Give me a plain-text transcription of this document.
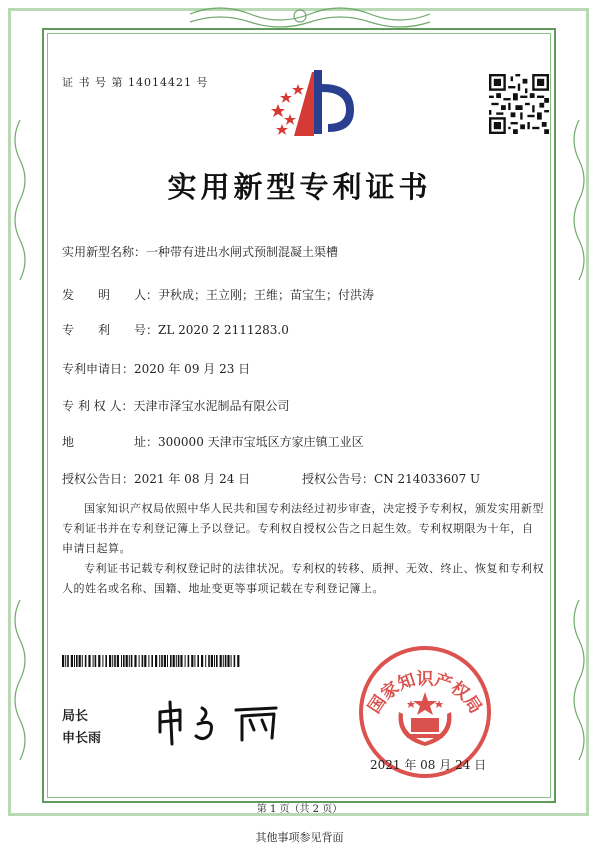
证 书 号 第 14014421 号
实用新型专利证书
实用新型名称：一种带有进出水闸式预制混凝土渠槽
发　　明　　人：尹秋成；王立刚；王维；苗宝生；付洪涛
专　　利　　号：ZL 2020 2 2111283.0
专利申请日：2020 年 09 月 23 日
专 利 权 人：天津市泽宝水泥制品有限公司
地　　　　　址：300000 天津市宝坻区方家庄镇工业区
授权公告日：2021 年 08 月 24 日	授权公告号：CN 214033607 U
国家知识产权局依照中华人民共和国专利法经过初步审查，决定授予专利权，颁发实用新型专利证书并在专利登记簿上予以登记。专利权自授权公告之日起生效。专利权期限为十年，自申请日起算。
专利证书记载专利权登记时的法律状况。专利权的转移、质押、无效、终止、恢复和专利权人的姓名或名称、国籍、地址变更等事项记载在专利登记簿上。
局长
申长雨
国家知识产权局
2021 年 08 月 24 日
第 1 页（共 2 页）
其他事项参见背面
